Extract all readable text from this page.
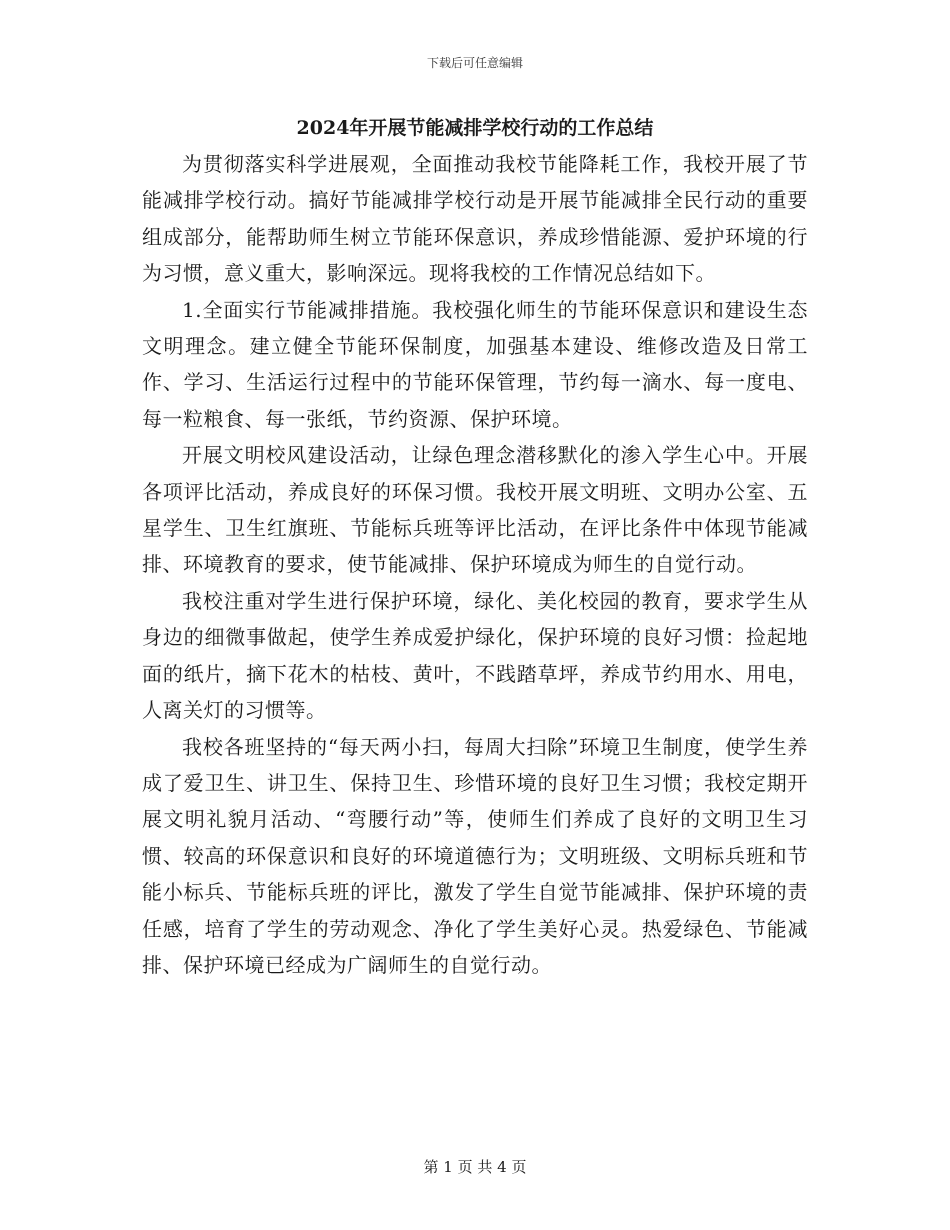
下载后可任意编辑
2024年开展节能减排学校行动的工作总结

为贯彻落实科学进展观，全面推动我校节能降耗工作，我校开展了节能减排学校行动。搞好节能减排学校行动是开展节能减排全民行动的重要组成部分，能帮助师生树立节能环保意识，养成珍惜能源、爱护环境的行为习惯，意义重大，影响深远。现将我校的工作情况总结如下。

1.全面实行节能减排措施。我校强化师生的节能环保意识和建设生态文明理念。建立健全节能环保制度，加强基本建设、维修改造及日常工作、学习、生活运行过程中的节能环保管理，节约每一滴水、每一度电、每一粒粮食、每一张纸，节约资源、保护环境。

开展文明校风建设活动，让绿色理念潜移默化的渗入学生心中。开展各项评比活动，养成良好的环保习惯。我校开展文明班、文明办公室、五星学生、卫生红旗班、节能标兵班等评比活动，在评比条件中体现节能减排、环境教育的要求，使节能减排、保护环境成为师生的自觉行动。

我校注重对学生进行保护环境，绿化、美化校园的教育，要求学生从身边的细微事做起，使学生养成爱护绿化，保护环境的良好习惯：捡起地面的纸片，摘下花木的枯枝、黄叶，不践踏草坪，养成节约用水、用电，人离关灯的习惯等。

我校各班坚持的“每天两小扫，每周大扫除”环境卫生制度，使学生养成了爱卫生、讲卫生、保持卫生、珍惜环境的良好卫生习惯；我校定期开展文明礼貌月活动、“弯腰行动”等，使师生们养成了良好的文明卫生习惯、较高的环保意识和良好的环境道德行为；文明班级、文明标兵班和节能小标兵、节能标兵班的评比，激发了学生自觉节能减排、保护环境的责任感，培育了学生的劳动观念、净化了学生美好心灵。热爱绿色、节能减排、保护环境已经成为广阔师生的自觉行动。

第 1 页 共 4 页
